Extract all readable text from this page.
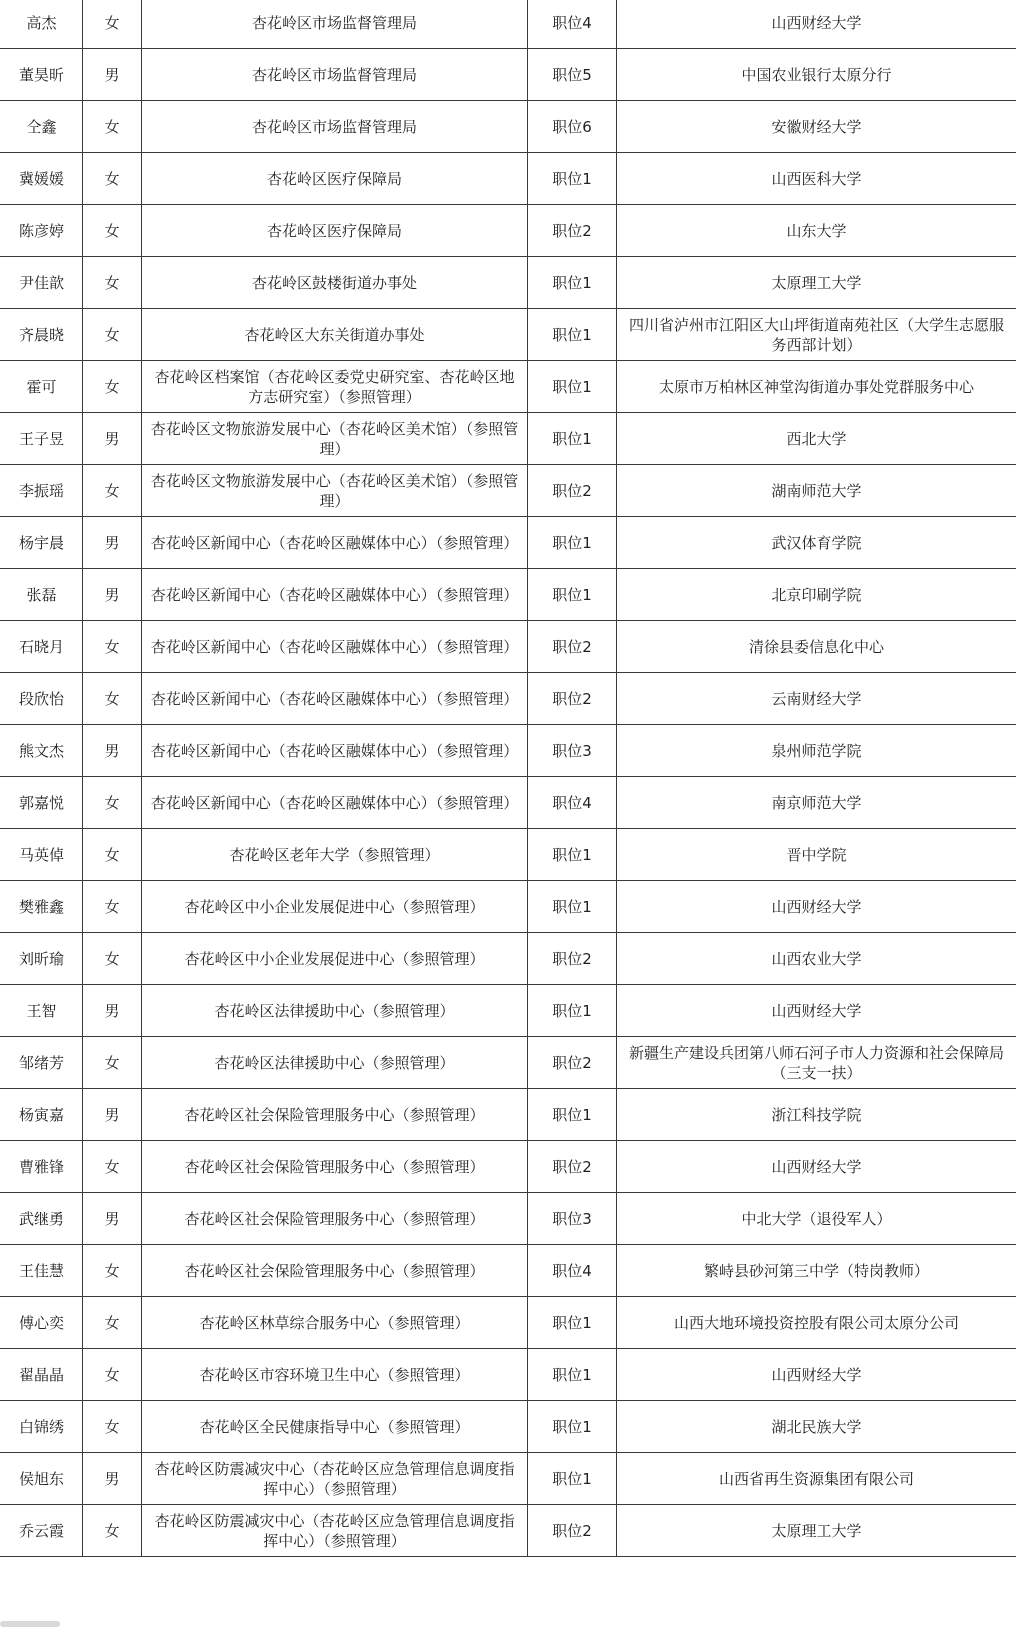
高杰	女	杏花岭区市场监督管理局	职位4	山西财经大学
董昊昕	男	杏花岭区市场监督管理局	职位5	中国农业银行太原分行
仝鑫	女	杏花岭区市场监督管理局	职位6	安徽财经大学
冀媛媛	女	杏花岭区医疗保障局	职位1	山西医科大学
陈彦婷	女	杏花岭区医疗保障局	职位2	山东大学
尹佳歆	女	杏花岭区鼓楼街道办事处	职位1	太原理工大学
齐晨晓	女	杏花岭区大东关街道办事处	职位1	四川省泸州市江阳区大山坪街道南苑社区（大学生志愿服务西部计划）
霍可	女	杏花岭区档案馆（杏花岭区委党史研究室、杏花岭区地方志研究室）（参照管理）	职位1	太原市万柏林区神堂沟街道办事处党群服务中心
王子昱	男	杏花岭区文物旅游发展中心（杏花岭区美术馆）（参照管理）	职位1	西北大学
李振瑶	女	杏花岭区文物旅游发展中心（杏花岭区美术馆）（参照管理）	职位2	湖南师范大学
杨宇晨	男	杏花岭区新闻中心（杏花岭区融媒体中心）（参照管理）	职位1	武汉体育学院
张磊	男	杏花岭区新闻中心（杏花岭区融媒体中心）（参照管理）	职位1	北京印刷学院
石晓月	女	杏花岭区新闻中心（杏花岭区融媒体中心）（参照管理）	职位2	清徐县委信息化中心
段欣怡	女	杏花岭区新闻中心（杏花岭区融媒体中心）（参照管理）	职位2	云南财经大学
熊文杰	男	杏花岭区新闻中心（杏花岭区融媒体中心）（参照管理）	职位3	泉州师范学院
郭嘉悦	女	杏花岭区新闻中心（杏花岭区融媒体中心）（参照管理）	职位4	南京师范大学
马英倬	女	杏花岭区老年大学（参照管理）	职位1	晋中学院
樊雅鑫	女	杏花岭区中小企业发展促进中心（参照管理）	职位1	山西财经大学
刘昕瑜	女	杏花岭区中小企业发展促进中心（参照管理）	职位2	山西农业大学
王智	男	杏花岭区法律援助中心（参照管理）	职位1	山西财经大学
邹绪芳	女	杏花岭区法律援助中心（参照管理）	职位2	新疆生产建设兵团第八师石河子市人力资源和社会保障局（三支一扶）
杨寅嘉	男	杏花岭区社会保险管理服务中心（参照管理）	职位1	浙江科技学院
曹雅锋	女	杏花岭区社会保险管理服务中心（参照管理）	职位2	山西财经大学
武继勇	男	杏花岭区社会保险管理服务中心（参照管理）	职位3	中北大学（退役军人）
王佳慧	女	杏花岭区社会保险管理服务中心（参照管理）	职位4	繁峙县砂河第三中学（特岗教师）
傅心奕	女	杏花岭区林草综合服务中心（参照管理）	职位1	山西大地环境投资控股有限公司太原分公司
翟晶晶	女	杏花岭区市容环境卫生中心（参照管理）	职位1	山西财经大学
白锦绣	女	杏花岭区全民健康指导中心（参照管理）	职位1	湖北民族大学
侯旭东	男	杏花岭区防震减灾中心（杏花岭区应急管理信息调度指挥中心）（参照管理）	职位1	山西省再生资源集团有限公司
乔云霞	女	杏花岭区防震减灾中心（杏花岭区应急管理信息调度指挥中心）（参照管理）	职位2	太原理工大学
